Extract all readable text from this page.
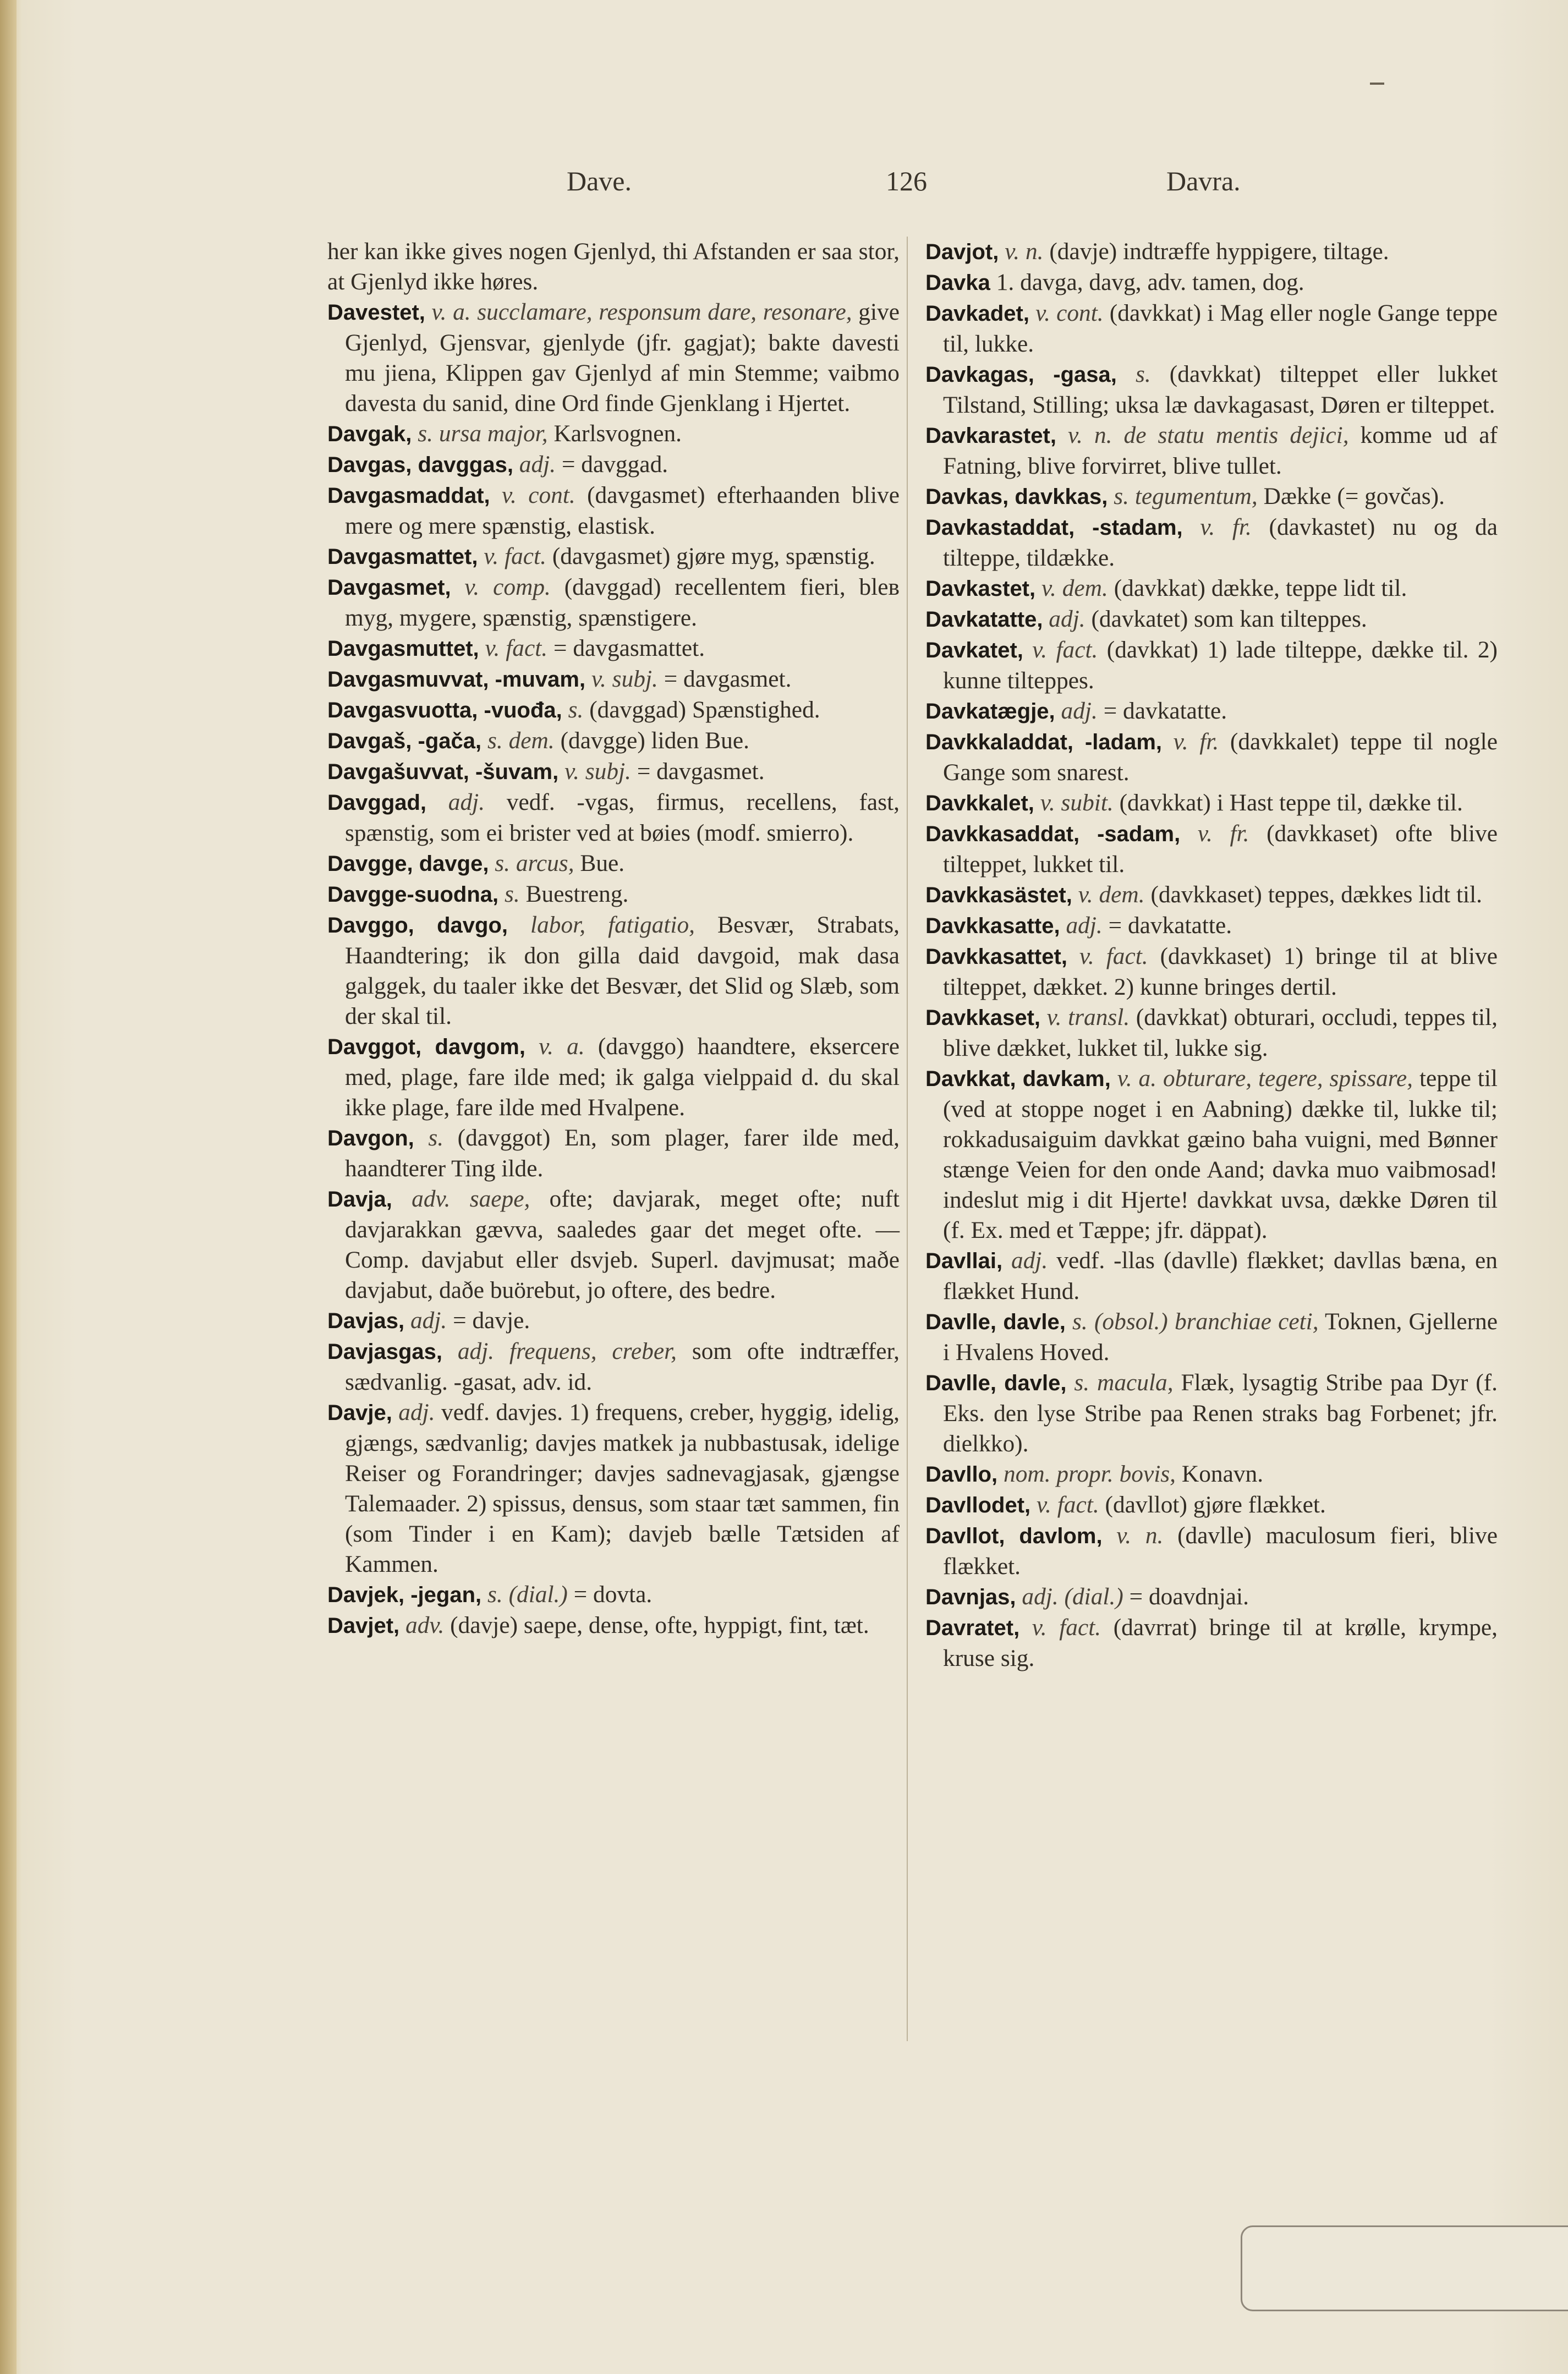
Dave.	126	Davra.
her kan ikke gives nogen Gjenlyd, thi Afstanden er saa stor, at Gjenlyd ikke høres.
Davestet, v. a. succlamare, responsum dare, resonare, give Gjenlyd, Gjensvar, gjenlyde (jfr. gagjat); bakte davesti mu jiena, Klippen gav Gjenlyd af min Stemme; vaibmo davesta du sanid, dine Ord finde Gjenklang i Hjertet.
Davgak, s. ursa major, Karlsvognen.
Davgas, davggas, adj. = davggad.
Davgasmaddat, v. cont. (davgasmet) efterhaanden blive mere og mere spænstig, elastisk.
Davgasmattet, v. fact. (davgasmet) gjøre myg, spænstig.
Davgasmet, v. comp. (davggad) recellentem fieri, bleв myg, mygere, spænstig, spænstigere.
Davgasmuttet, v. fact. = davgasmattet.
Davgasmuvvat, -muvam, v. subj. = davgasmet.
Davgasvuotta, -vuođa, s. (davggad) Spænstighed.
Davgaš, -gača, s. dem. (davgge) liden Bue.
Davgašuvvat, -šuvam, v. subj. = davgasmet.
Davggad, adj. vedf. -vgas, firmus, recellens, fast, spænstig, som ei brister ved at bøies (modf. smierro).
Davgge, davge, s. arcus, Bue.
Davgge-suodna, s. Buestreng.
Davggo, davgo, labor, fatigatio, Besvær, Strabats, Haandtering; ik don gilla daid davgoid, mak dasa galggek, du taaler ikke det Besvær, det Slid og Slæb, som der skal til.
Davggot, davgom, v. a. (davggo) haandtere, eksercere med, plage, fare ilde med; ik galga vielppaid d. du skal ikke plage, fare ilde med Hvalpene.
Davgon, s. (davggot) En, som plager, farer ilde med, haandterer Ting ilde.
Davja, adv. saepe, ofte; davjarak, meget ofte; nuft davjarakkan gævva, saaledes gaar det meget ofte. — Comp. davjabut eller dsvjeb. Superl. davjmusat; maðe davjabut, daðe buörebut, jo oftere, des bedre.
Davjas, adj. = davje.
Davjasgas, adj. frequens, creber, som ofte indtræffer, sædvanlig. -gasat, adv. id.
Davje, adj. vedf. davjes. 1) frequens, creber, hyggig, idelig, gjængs, sædvanlig; davjes matkek ja nubbastusak, idelige Reiser og Forandringer; davjes sadnevagjasak, gjængse Talemaader. 2) spissus, densus, som staar tæt sammen, fin (som Tinder i en Kam); davjeb bælle Tætsiden af Kammen.
Davjek, -jegan, s. (dial.) = dovta.
Davjet, adv. (davje) saepe, dense, ofte, hyppigt, fint, tæt.
Davjot, v. n. (davje) indtræffe hyppigere, tiltage.
Davka 1. davga, davg, adv. tamen, dog.
Davkadet, v. cont. (davkkat) i Mag eller nogle Gange teppe til, lukke.
Davkagas, -gasa, s. (davkkat) tilteppet eller lukket Tilstand, Stilling; uksa læ davkagasast, Døren er tilteppet.
Davkarastet, v. n. de statu mentis dejici, komme ud af Fatning, blive forvirret, blive tullet.
Davkas, davkkas, s. tegumentum, Dække (= govčas).
Davkastaddat, -stadam, v. fr. (davkastet) nu og da tilteppe, tildække.
Davkastet, v. dem. (davkkat) dække, teppe lidt til.
Davkatatte, adj. (davkatet) som kan tilteppes.
Davkatet, v. fact. (davkkat) 1) lade tilteppe, dække til. 2) kunne tilteppes.
Davkatægje, adj. = davkatatte.
Davkkaladdat, -ladam, v. fr. (davkkalet) teppe til nogle Gange som snarest.
Davkkalet, v. subit. (davkkat) i Hast teppe til, dække til.
Davkkasaddat, -sadam, v. fr. (davkkaset) ofte blive tilteppet, lukket til.
Davkkasästet, v. dem. (davkkaset) teppes, dækkes lidt til.
Davkkasatte, adj. = davkatatte.
Davkkasattet, v. fact. (davkkaset) 1) bringe til at blive tilteppet, dækket. 2) kunne bringes dertil.
Davkkaset, v. transl. (davkkat) obturari, occludi, teppes til, blive dækket, lukket til, lukke sig.
Davkkat, davkam, v. a. obturare, tegere, spissare, teppe til (ved at stoppe noget i en Aabning) dække til, lukke til; rokkadusaiguim davkkat gæino baha vuigni, med Bønner stænge Veien for den onde Aand; davka muo vaibmosad! indeslut mig i dit Hjerte! davkkat uvsa, dække Døren til (f. Ex. med et Tæppe; jfr. däppat).
Davllai, adj. vedf. -llas (davlle) flækket; davllas bæna, en flækket Hund.
Davlle, davle, s. (obsol.) branchiae ceti, Toknen, Gjellerne i Hvalens Hoved.
Davlle, davle, s. macula, Flæk, lysagtig Stribe paa Dyr (f. Eks. den lyse Stribe paa Renen straks bag Forbenet; jfr. dielkko).
Davllo, nom. propr. bovis, Konavn.
Davllodet, v. fact. (davllot) gjøre flækket.
Davllot, davlom, v. n. (davlle) maculosum fieri, blive flækket.
Davnjas, adj. (dial.) = doavdnjai.
Davratet, v. fact. (davrrat) bringe til at krølle, krympe, kruse sig.
